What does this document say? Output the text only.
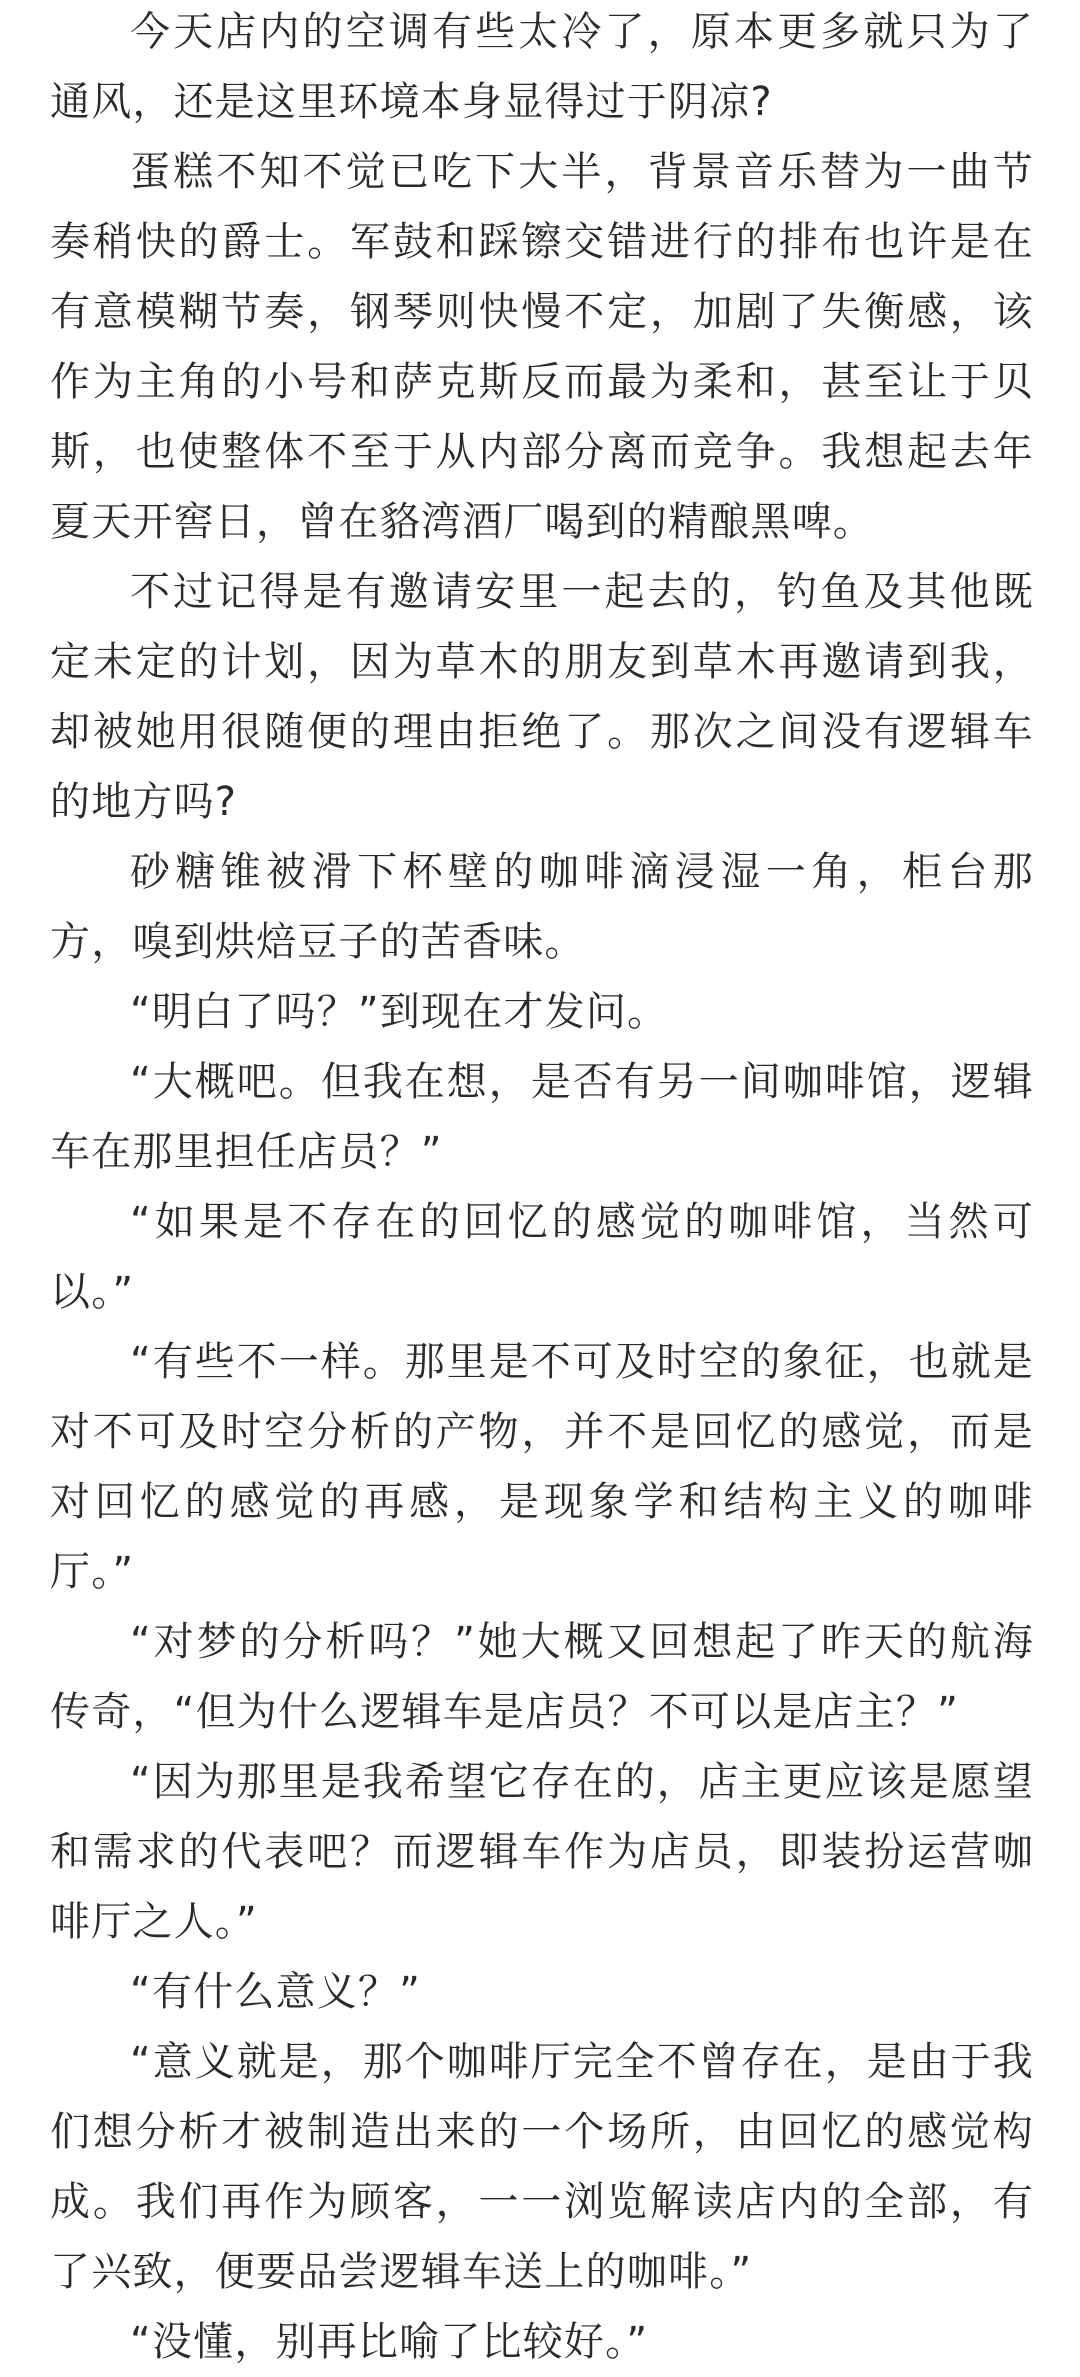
今天店内的空调有些太冷了，原本更多就只为了通风，还是这里环境本身显得过于阴凉?

蛋糕不知不觉已吃下大半，背景音乐替为一曲节奏稍快的爵士。军鼓和踩镲交错进行的排布也许是在有意模糊节奏，钢琴则快慢不定，加剧了失衡感，该作为主角的小号和萨克斯反而最为柔和，甚至让于贝斯，也使整体不至于从内部分离而竞争。我想起去年夏天开窖日，曾在貉湾酒厂喝到的精酿黑啤。

不过记得是有邀请安里一起去的，钓鱼及其他既定未定的计划，因为草木的朋友到草木再邀请到我，却被她用很随便的理由拒绝了。那次之间没有逻辑车的地方吗?

砂糖锥被滑下杯壁的咖啡滴浸湿一角，柜台那方，嗅到烘焙豆子的苦香味。

“明白了吗？”到现在才发问。

“大概吧。但我在想，是否有另一间咖啡馆，逻辑车在那里担任店员？”

“如果是不存在的回忆的感觉的咖啡馆，当然可以。”

“有些不一样。那里是不可及时空的象征，也就是对不可及时空分析的产物，并不是回忆的感觉，而是对回忆的感觉的再感，是现象学和结构主义的咖啡厅。”

“对梦的分析吗？”她大概又回想起了昨天的航海传奇，“但为什么逻辑车是店员？不可以是店主？”

“因为那里是我希望它存在的，店主更应该是愿望和需求的代表吧？而逻辑车作为店员，即装扮运营咖啡厅之人。”

“有什么意义？”

“意义就是，那个咖啡厅完全不曾存在，是由于我们想分析才被制造出来的一个场所，由回忆的感觉构成。我们再作为顾客，一一浏览解读店内的全部，有了兴致，便要品尝逻辑车送上的咖啡。”

“没懂，别再比喻了比较好。”
